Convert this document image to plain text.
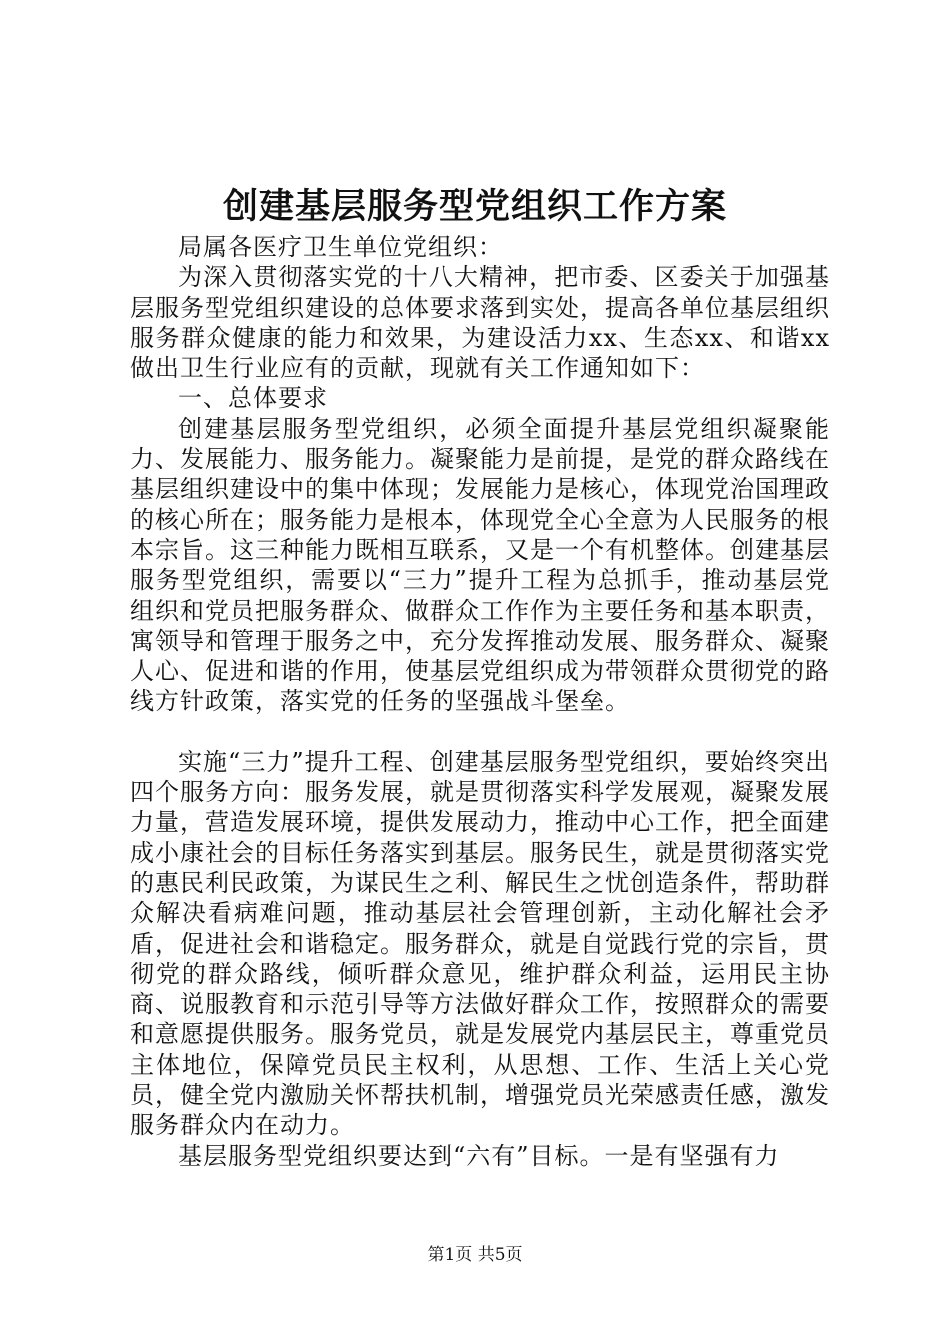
创建基层服务型党组织工作方案

局属各医疗卫生单位党组织：

为深入贯彻落实党的十八大精神，把市委、区委关于加强基层服务型党组织建设的总体要求落到实处，提高各单位基层组织服务群众健康的能力和效果，为建设活力xx、生态xx、和谐xx做出卫生行业应有的贡献，现就有关工作通知如下：

一、总体要求

创建基层服务型党组织，必须全面提升基层党组织凝聚能力、发展能力、服务能力。凝聚能力是前提，是党的群众路线在基层组织建设中的集中体现；发展能力是核心，体现党治国理政的核心所在；服务能力是根本，体现党全心全意为人民服务的根本宗旨。这三种能力既相互联系，又是一个有机整体。创建基层服务型党组织，需要以“三力”提升工程为总抓手，推动基层党组织和党员把服务群众、做群众工作作为主要任务和基本职责，寓领导和管理于服务之中，充分发挥推动发展、服务群众、凝聚人心、促进和谐的作用，使基层党组织成为带领群众贯彻党的路线方针政策，落实党的任务的坚强战斗堡垒。

实施“三力”提升工程、创建基层服务型党组织，要始终突出四个服务方向：服务发展，就是贯彻落实科学发展观，凝聚发展力量，营造发展环境，提供发展动力，推动中心工作，把全面建成小康社会的目标任务落实到基层。服务民生，就是贯彻落实党的惠民利民政策，为谋民生之利、解民生之忧创造条件，帮助群众解决看病难问题，推动基层社会管理创新，主动化解社会矛盾，促进社会和谐稳定。服务群众，就是自觉践行党的宗旨，贯彻党的群众路线，倾听群众意见，维护群众利益，运用民主协商、说服教育和示范引导等方法做好群众工作，按照群众的需要和意愿提供服务。服务党员，就是发展党内基层民主，尊重党员主体地位，保障党员民主权利，从思想、工作、生活上关心党员，健全党内激励关怀帮扶机制，增强党员光荣感责任感，激发服务群众内在动力。

基层服务型党组织要达到“六有”目标。一是有坚强有力

第1页 共5页
